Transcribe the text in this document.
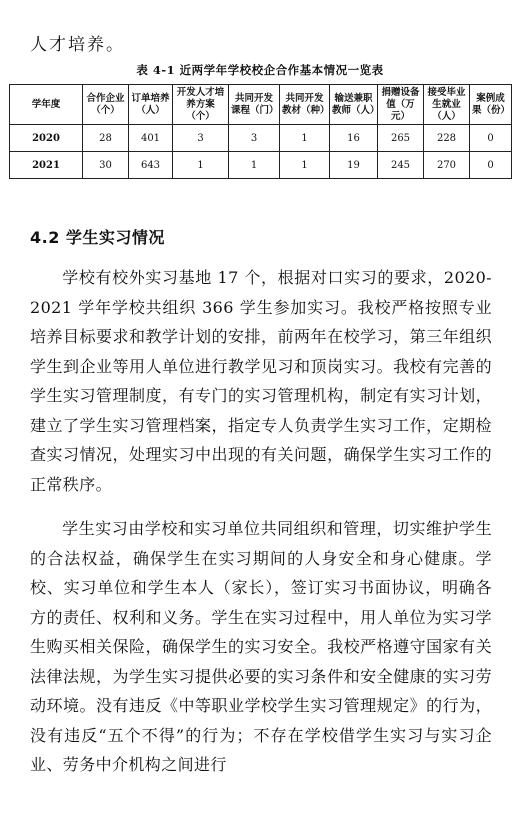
人才培养。
表 4-1 近两学年学校校企合作基本情况一览表
学年度	合作企业（个）	订单培养（人）	开发人才培养方案（个）	共同开发课程（门）	共同开发教材（种）	输送兼职教师（人）	捐赠设备值（万元）	接受毕业生就业（人）	案例成果（份）
2020	28	401	3	3	1	16	265	228	0
2021	30	643	1	1	1	19	245	270	0
4.2 学生实习情况

学校有校外实习基地 17 个，根据对口实习的要求，2020-2021 学年学校共组织 366 学生参加实习。我校严格按照专业培养目标要求和教学计划的安排，前两年在校学习，第三年组织学生到企业等用人单位进行教学见习和顶岗实习。我校有完善的学生实习管理制度，有专门的实习管理机构，制定有实习计划，建立了学生实习管理档案，指定专人负责学生实习工作，定期检查实习情况，处理实习中出现的有关问题，确保学生实习工作的正常秩序。

学生实习由学校和实习单位共同组织和管理，切实维护学生的合法权益，确保学生在实习期间的人身安全和身心健康。学校、实习单位和学生本人（家长），签订实习书面协议，明确各方的责任、权利和义务。学生在实习过程中，用人单位为实习学生购买相关保险，确保学生的实习安全。我校严格遵守国家有关法律法规，为学生实习提供必要的实习条件和安全健康的实习劳动环境。没有违反《中等职业学校学生实习管理规定》的行为，没有违反“五个不得”的行为；不存在学校借学生实习与实习企业、劳务中介机构之间进行
